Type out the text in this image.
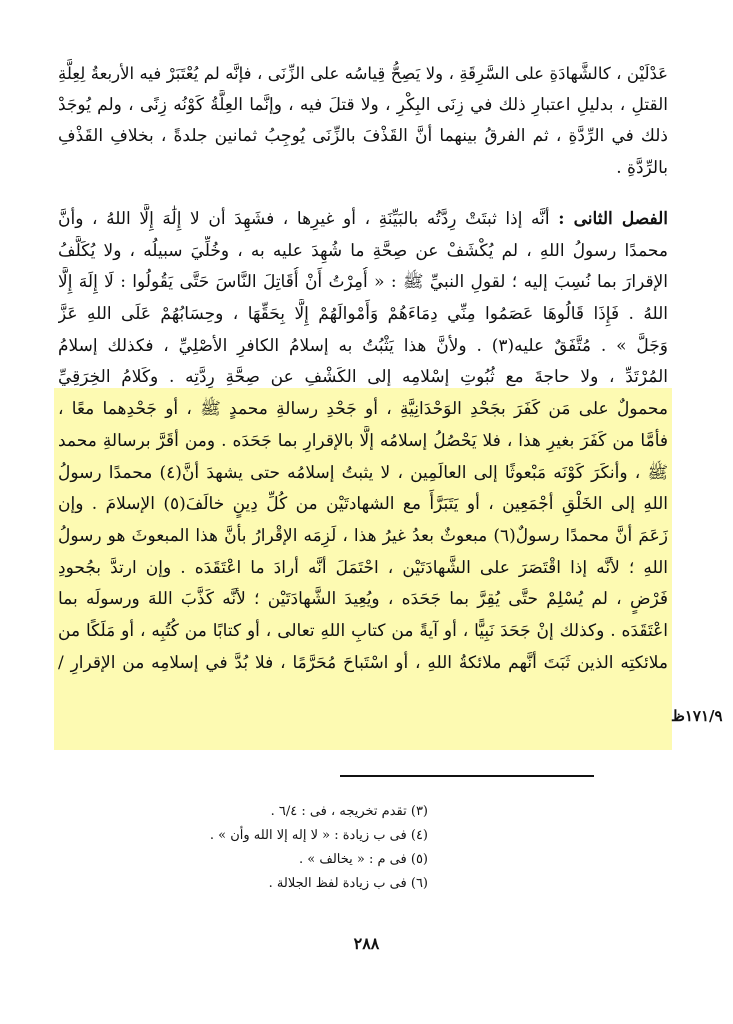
عَدْلَيْن ، كالشَّهادَةِ على السَّرِقَةِ ، ولا يَصِحُّ قِياسُه على الزِّنَى ، فإنَّه لم يُعْتَبَرْ فيه الأربعةُ لِعِلَّةِ
القتلِ ، بدليلِ اعتبارِ ذلك في زِنَى البِكْرِ ، ولا قتلَ فيه ، وإنَّما العِلَّةُ كَوْنُه زِنًى ، ولم يُوجَدْ
ذلك في الرِّدَّةِ ، ثم الفرقُ بينهما أنَّ القَذْفَ بالزِّنَى يُوجِبُ ثمانين جلدةً ، بخلافِ القَذْفِ
بالرِّدَّةِ .
الفصل الثانى : أنَّه إذا ثبتَتْ رِدَّتُه بالبَيِّنَةِ ، أو غيرِها ، فشَهِدَ أن لا إِلَٰهَ إِلَّا اللهُ ، وأنَّ
محمدًا رسولُ اللهِ ، لم يُكْشَفْ عن صِحَّةِ ما شُهِدَ عليه به ، وخُلِّيَ سبيلُه ، ولا يُكَلَّفُ
الإقرارَ بما نُسِبَ إليه ؛ لقولِ النبيِّ ﷺ : « أُمِرْتُ أَنْ أُقَاتِلَ النَّاسَ حَتَّى يَقُولُوا : لَا إِلَهَ إِلَّا
اللهُ . فَإِذَا قَالُوهَا عَصَمُوا مِنِّي دِمَاءَهُمْ وَأَمْوالَهُمْ إِلَّا بِحَقِّهَا ، وحِسَابُهُمْ عَلَى اللهِ عَزَّ
وَجَلَّ » . مُتَّفَقٌ عليه(٣) . ولأنَّ هذا يَثْبُتُ به إسلامُ الكافرِ الأصْلِيِّ ، فكذلك إسلامُ
المُرْتَدِّ ، ولا حاجةَ مع ثُبُوتِ إسْلامِه إلى الكَشْفِ عن صِحَّةِ رِدَّتِه . وكَلامُ الخِرَقِيِّ
محمولٌ على مَن كَفَرَ بجَحْدِ الوَحْدَانِيَّةِ ، أو جَحْدِ رسالةِ محمدٍ ﷺ ، أو جَحْدِهما معًا ،
فأمَّا من كَفَرَ بغيرِ هذا ، فلا يَحْصُلُ إسلامُه إلَّا بالإقرارِ بما جَحَدَه . ومن أقَرَّ برسالةِ محمد
ﷺ ، وأنكَرَ كَوْنَه مَبْعوثًا إلى العالَمِين ، لا يثبتُ إسلامُه حتى يشهدَ أنَّ(٤) محمدًا رسولُ
اللهِ إلى الخَلْقِ أجْمَعِين ، أو يَتَبَرَّأَ مع الشهادتَيْن من كُلِّ دِينٍ خالَفَ(٥) الإسلامَ . وإن
زَعَمَ أنَّ محمدًا رسولٌ(٦) مبعوثٌ بعدُ غيرُ هذا ، لَزِمَه الإقْرارُ بأنَّ هذا المبعوثَ هو رسولُ
اللهِ ؛ لأنَّه إذا اقْتَصَرَ على الشَّهادَتَيْن ، احْتَمَلَ أنَّه أرادَ ما اعْتَقَدَه . وإن ارتدَّ بجُحودِ
فَرْضٍ ، لم يُسْلِمْ حتَّى يُقِرَّ بما جَحَدَه ، ويُعِيدَ الشَّهادَتَيْن ؛ لأنَّه كَذَّبَ اللهَ ورسولَه بما
اعْتَقَدَه . وكذلك إنْ جَحَدَ نَبِيًّا ، أو آيةً من كتابِ اللهِ تعالى ، أو كتابًا من كُتُبِه ، أو مَلَكًا من
ملائكتِه الذين ثَبَتَ أنَّهم ملائكةُ اللهِ ، أو اسْتَباحَ مُحَرَّمًا ، فلا بُدَّ في إسلامِه من الإقرارِ /
١٧١/٩ظ
(٣) تقدم تخريجه ، فى : ٦/٤ .
(٤) فى ب زيادة : « لا إله إلا الله وأن » .
(٥) فى م : « يخالف » .
(٦) فى ب زيادة لفظ الجلالة .
٢٨٨
